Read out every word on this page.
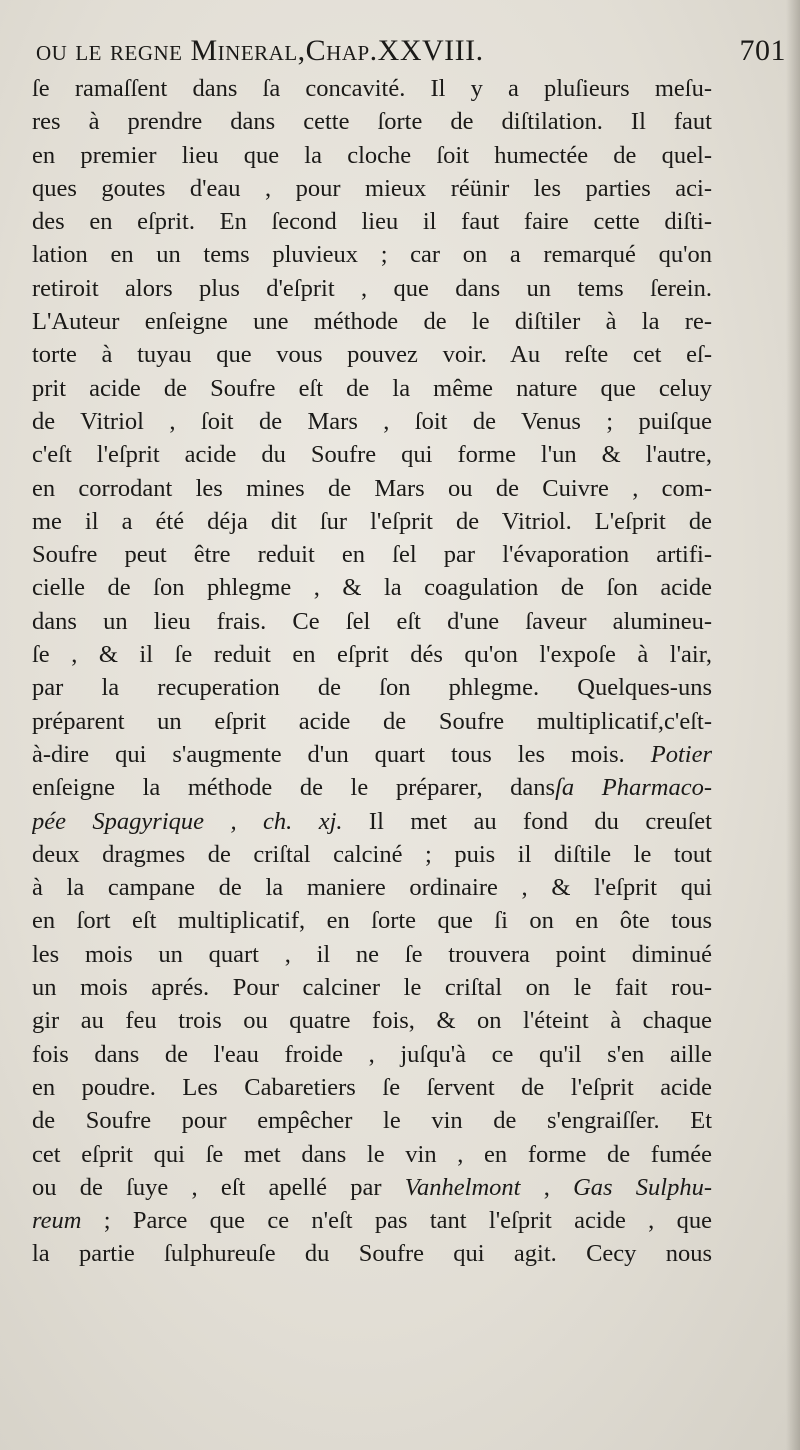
ou le regne Mineral,Chap.XXVIII.	701
ſe ramaſſent dans ſa concavité. Il y a pluſieurs meſu-
res à prendre dans cette ſorte de diſtilation. Il faut
en premier lieu que la cloche ſoit humectée de quel-
ques goutes d'eau , pour mieux réünir les parties aci-
des en eſprit. En ſecond lieu il faut faire cette diſti-
lation en un tems pluvieux ; car on a remarqué qu'on
retiroit alors plus d'eſprit , que dans un tems ſerein.
L'Auteur enſeigne une méthode de le diſtiler à la re-
torte à tuyau que vous pouvez voir. Au reſte cet eſ-
prit acide de Soufre eſt de la même nature que celuy
de Vitriol , ſoit de Mars , ſoit de Venus ; puiſque
c'eſt l'eſprit acide du Soufre qui forme l'un & l'autre,
en corrodant les mines de Mars ou de Cuivre , com-
me il a été déja dit ſur l'eſprit de Vitriol. L'eſprit de
Soufre peut être reduit en ſel par l'évaporation artifi-
cielle de ſon phlegme , & la coagulation de ſon acide
dans un lieu frais. Ce ſel eſt d'une ſaveur alumineu-
ſe , & il ſe reduit en eſprit dés qu'on l'expoſe à l'air,
par la recuperation de ſon phlegme. Quelques-uns
préparent un eſprit acide de Soufre multiplicatif,c'eſt-
à-dire qui s'augmente d'un quart tous les mois. Potier
enſeigne la méthode de le préparer, dansſa Pharmaco-
pée Spagyrique , ch. xj. Il met au fond du creuſet
deux dragmes de criſtal calciné ; puis il diſtile le tout
à la campane de la maniere ordinaire , & l'eſprit qui
en ſort eſt multiplicatif, en ſorte que ſi on en ôte tous
les mois un quart , il ne ſe trouvera point diminué
un mois aprés. Pour calciner le criſtal on le fait rou-
gir au feu trois ou quatre fois, & on l'éteint à chaque
fois dans de l'eau froide , juſqu'à ce qu'il s'en aille
en poudre. Les Cabaretiers ſe ſervent de l'eſprit acide
de Soufre pour empêcher le vin de s'engraiſſer. Et
cet eſprit qui ſe met dans le vin , en forme de fumée
ou de ſuye , eſt apellé par Vanhelmont , Gas Sulphu-
reum ; Parce que ce n'eſt pas tant l'eſprit acide , que
la partie ſulphureuſe du Soufre qui agit. Cecy nous
